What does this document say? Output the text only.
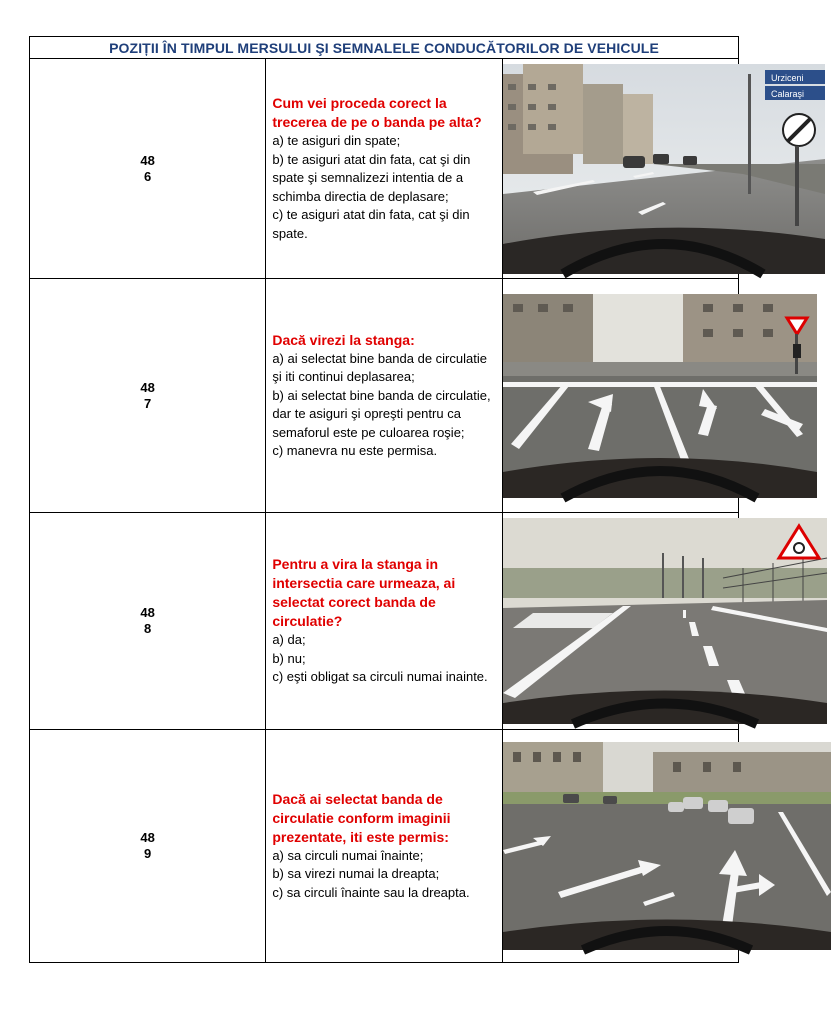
POZIȚII ÎN TIMPUL MERSULUI ŞI SEMNALELE CONDUCĂTORILOR DE VEHICULE		
48
6	Cum vei proceda corect la trecerea de pe o banda pe alta?
a) te asiguri din spate;
b) te asiguri atat din fata, cat şi din spate şi semnalizezi intentia de a schimba directia de deplasare;
c) te asiguri atat din fata, cat şi din spate.	Urziceni
Calaraşi

48
7	Dacă virezi la stanga:
a) ai selectat bine banda de circulatie şi iti continui deplasarea;
b) ai selectat bine banda de circulatie, dar te asiguri şi opreşti pentru ca semaforul este pe culoarea roşie;
c) manevra nu este permisa.

48
8	Pentru a vira la stanga in intersectia care urmeaza, ai selectat corect banda de circulatie?
a) da;
b) nu;
c) eşti obligat sa circuli numai inainte.

48
9	Dacă ai selectat banda de circulatie conform imaginii prezentate, iti este permis:
a) sa circuli numai înainte;
b) sa virezi numai la dreapta;
c) sa circuli înainte sau la dreapta.
